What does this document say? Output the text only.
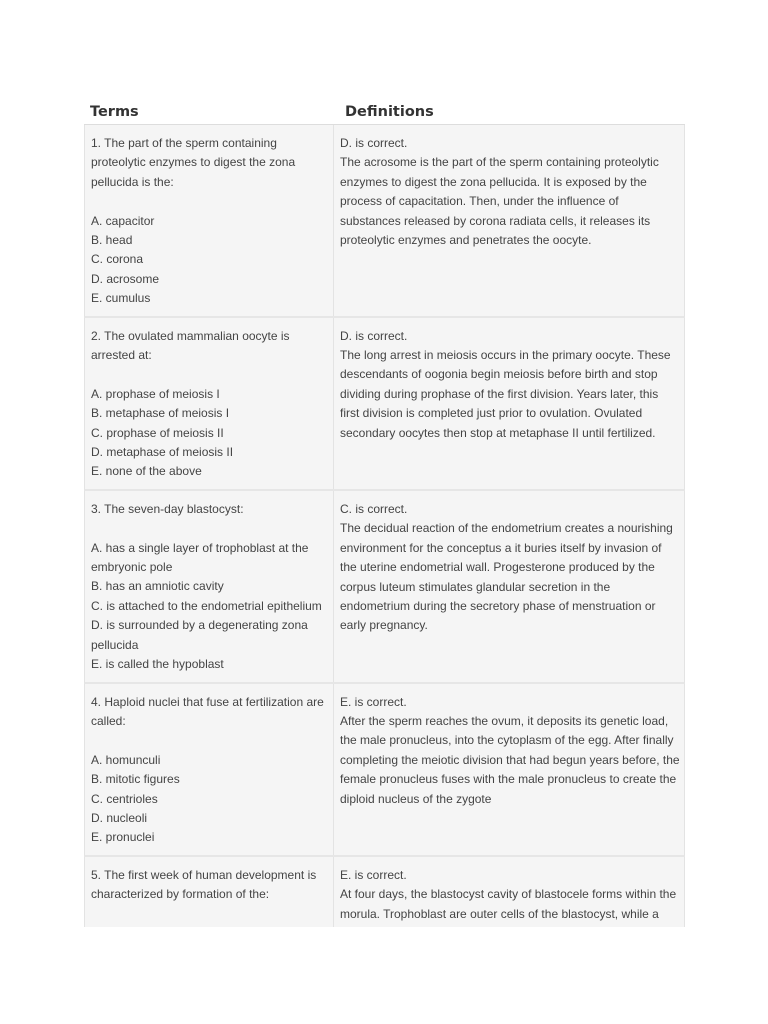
Terms	Definitions
1. The part of the sperm containing
proteolytic enzymes to digest the zona
pellucida is the:
A. capacitor
B. head
C. corona
D. acrosome
E. cumulus
D. is correct.
The acrosome is the part of the sperm containing proteolytic
enzymes to digest the zona pellucida. It is exposed by the
process of capacitation. Then, under the influence of
substances released by corona radiata cells, it releases its
proteolytic enzymes and penetrates the oocyte.
2. The ovulated mammalian oocyte is
arrested at:
A. prophase of meiosis I
B. metaphase of meiosis I
C. prophase of meiosis II
D. metaphase of meiosis II
E. none of the above
D. is correct.
The long arrest in meiosis occurs in the primary oocyte. These
descendants of oogonia begin meiosis before birth and stop
dividing during prophase of the first division. Years later, this
first division is completed just prior to ovulation. Ovulated
secondary oocytes then stop at metaphase II until fertilized.
3. The seven-day blastocyst:
A. has a single layer of trophoblast at the
embryonic pole
B. has an amniotic cavity
C. is attached to the endometrial epithelium
D. is surrounded by a degenerating zona
pellucida
E. is called the hypoblast
C. is correct.
The decidual reaction of the endometrium creates a nourishing
environment for the conceptus a it buries itself by invasion of
the uterine endometrial wall. Progesterone produced by the
corpus luteum stimulates glandular secretion in the
endometrium during the secretory phase of menstruation or
early pregnancy.
4. Haploid nuclei that fuse at fertilization are
called:
A. homunculi
B. mitotic figures
C. centrioles
D. nucleoli
E. pronuclei
E. is correct.
After the sperm reaches the ovum, it deposits its genetic load,
the male pronucleus, into the cytoplasm of the egg. After finally
completing the meiotic division that had begun years before, the
female pronucleus fuses with the male pronucleus to create the
diploid nucleus of the zygote
5. The first week of human development is
characterized by formation of the:
E. is correct.
At four days, the blastocyst cavity of blastocele forms within the
morula. Trophoblast are outer cells of the blastocyst, while a
